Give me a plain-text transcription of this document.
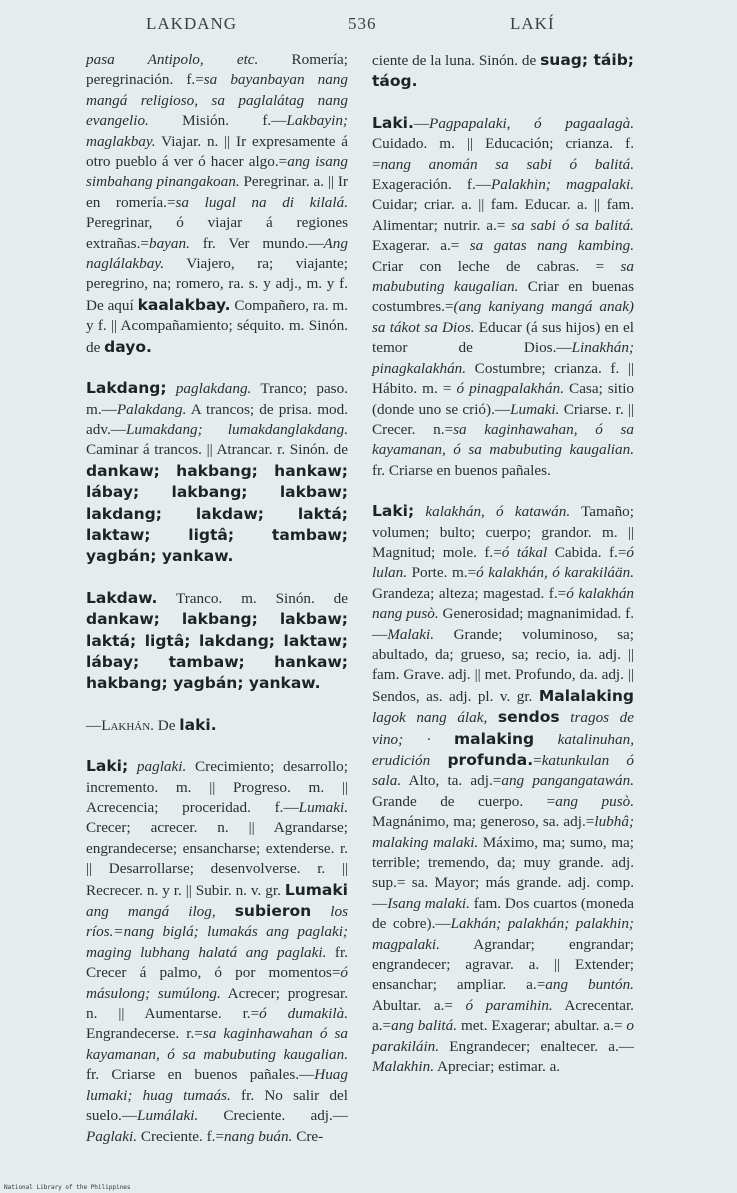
LAKDANG	536	LAKÍ

pasa Antipolo, etc. Romería; peregrinación. f.=sa bayanbayan nang mangá religioso, sa paglalátag nang evangelio. Misión. f.—Lakbayin; maglakbay. Viajar. n. || Ir expresamente á otro pueblo á ver ó hacer algo.=ang isang simbahang pinangakoan. Peregrinar. a. || Ir en romería.=sa lugal na di kilalá. Peregrinar, ó viajar á regiones extrañas.=bayan. fr. Ver mundo.—Ang naglálakbay. Viajero, ra; viajante; peregrino, na; romero, ra. s. y adj., m. y f. De aquí kaalakbay. Compañero, ra. m. y f. || Acompañamiento; séquito. m. Sinón. de dayo.

Lakdang; paglakdang. Tranco; paso. m.—Palakdang. A trancos; de prisa. mod. adv.—Lumakdang; lumakdanglakdang. Caminar á trancos. || Atrancar. r. Sinón. de dankaw; hakbang; hankaw; lábay; lakbang; lakbaw; lakdang; lakdaw; laktá; laktaw; ligtâ; tambaw; yagbán; yankaw.

Lakdaw. Tranco. m. Sinón. de dankaw; lakbang; lakbaw; laktá; ligtâ; lakdang; laktaw; lábay; tambaw; hankaw; hakbang; yagbán; yankaw.

—Lakhán. De laki.

Laki; paglaki. Crecimiento; desarrollo; incremento. m. || Progreso. m. || Acrecencia; proceridad. f.—Lumaki. Crecer; acrecer. n. || Agrandarse; engrandecerse; ensancharse; extenderse. r. || Desarrollarse; desenvolverse. r. || Recrecer. n. y r. || Subir. n. v. gr. Lumaki ang mangá ilog, subieron los ríos.=nang biglá; lumakás ang paglaki; maging lubhang halatá ang paglaki. fr. Crecer á palmo, ó por momentos=ó másulong; sumúlong. Acrecer; progresar. n. || Aumentarse. r.=ó dumakilà. Engrandecerse. r.=sa kaginhawahan ó sa kayamanan, ó sa mabubuting kaugalian. fr. Criarse en buenos pañales.—Huag lumaki; huag tumaás. fr. No salir del suelo.—Lumálaki. Creciente. adj.—Paglaki. Creciente. f.=nang buán. Cre-

ciente de la luna. Sinón. de suag; táib; táog.

Laki.—Pagpapalaki, ó pagaalagà. Cuidado. m. || Educación; crianza. f. =nang anomán sa sabi ó balitá. Exageración. f.—Palakhin; magpalaki. Cuidar; criar. a. || fam. Educar. a. || fam. Alimentar; nutrir. a.= sa sabi ó sa balitá. Exagerar. a.= sa gatas nang kambing. Criar con leche de cabras. = sa mabubuting kaugalian. Criar en buenas costumbres.=(ang kaniyang mangá anak) sa tákot sa Dios. Educar (á sus hijos) en el temor de Dios.—Linakhán; pinagkalakhán. Costumbre; crianza. f. || Hábito. m. = ó pinagpalakhán. Casa; sitio (donde uno se crió).—Lumaki. Criarse. r. || Crecer. n.=sa kaginhawahan, ó sa kayamanan, ó sa mabubuting kaugalian. fr. Criarse en buenos pañales.

Laki; kalakhán, ó katawán. Tamaño; volumen; bulto; cuerpo; grandor. m. || Magnitud; mole. f.=ó tákal Cabida. f.=ó lulan. Porte. m.=ó kalakhán, ó karakiláän. Grandeza; alteza; magestad. f.=ó kalakhán nang pusò. Generosidad; magnanimidad. f.—Malaki. Grande; voluminoso, sa; abultado, da; grueso, sa; recio, ia. adj. || fam. Grave. adj. || met. Profundo, da. adj. || Sendos, as. adj. pl. v. gr. Malalaking lagok nang álak, sendos tragos de vino; · malaking katalinuhan, erudición profunda.=katunkulan ó sala. Alto, ta. adj.=ang pangangatawán. Grande de cuerpo. =ang pusò. Magnánimo, ma; generoso, sa. adj.=lubhâ; malaking malaki. Máximo, ma; sumo, ma; terrible; tremendo, da; muy grande. adj. sup.= sa. Mayor; más grande. adj. comp. —Isang malaki. fam. Dos cuartos (moneda de cobre).—Lakhán; palakhán; palakhin; magpalaki. Agrandar; engrandar; engrandecer; agravar. a. || Extender; ensanchar; ampliar. a.=ang buntón. Abultar. a.= ó paramihin. Acrecentar. a.=ang balitá. met. Exagerar; abultar. a.= o parakiláin. Engrandecer; enaltecer. a.—Malakhin. Apreciar; estimar. a.

National Library of the Philippines
